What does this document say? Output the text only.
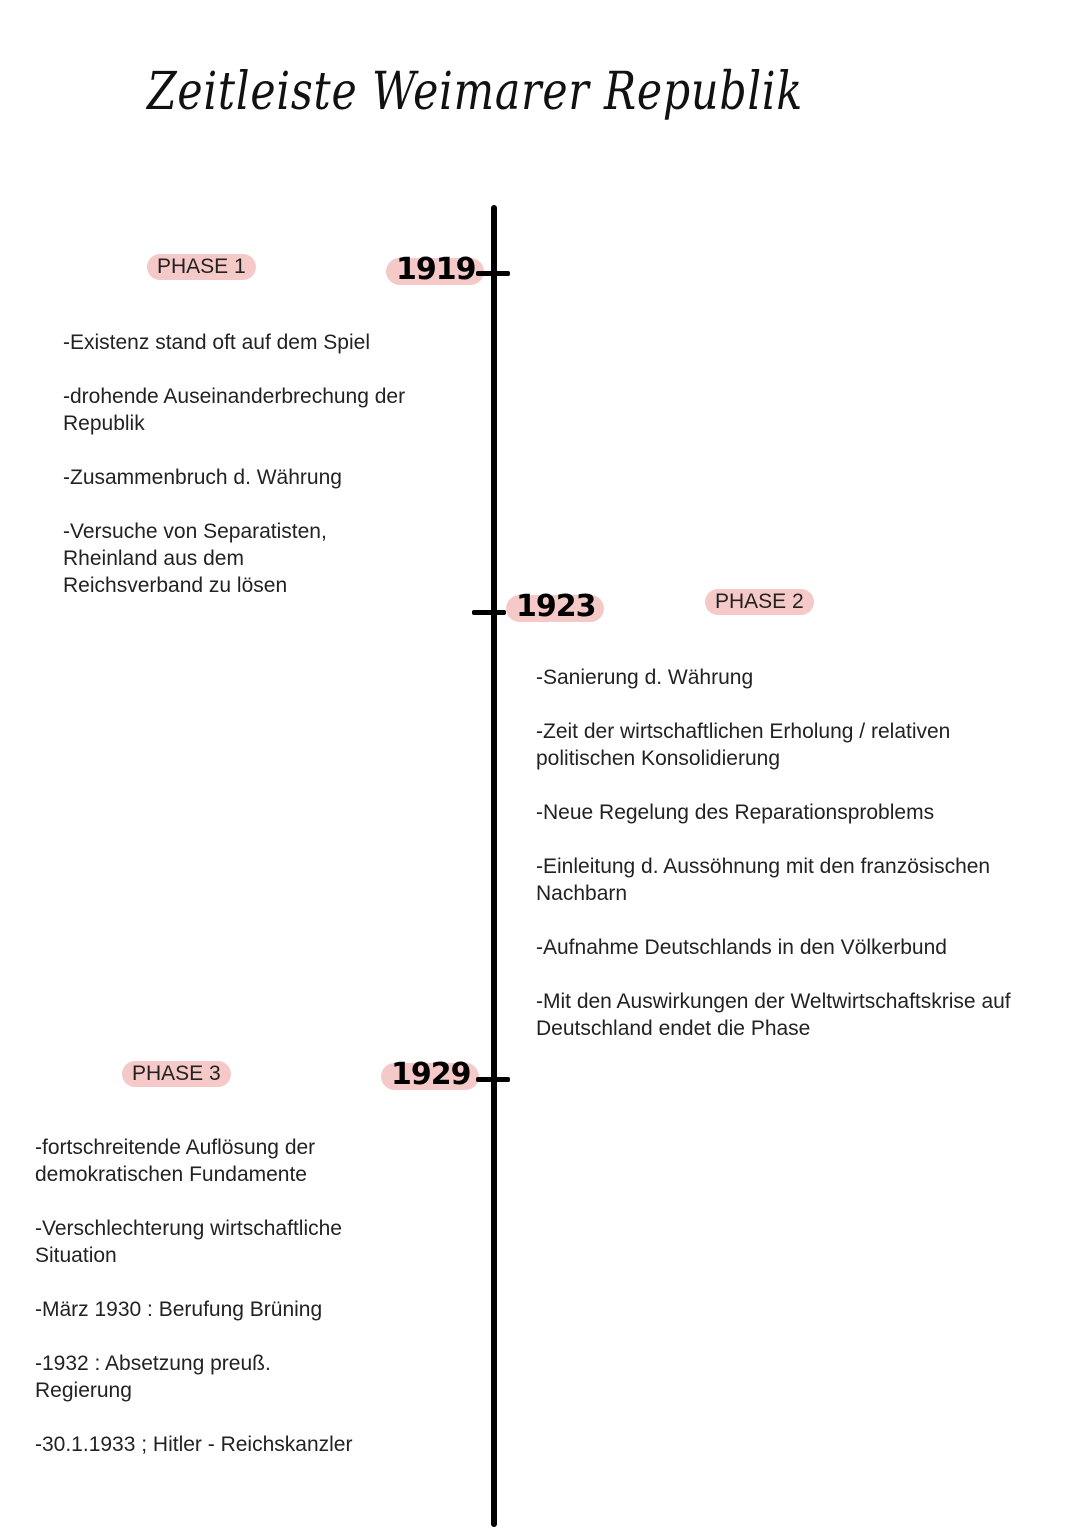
Zeitleiste Weimarer Republik
1919
PHASE 1
-Existenz stand oft auf dem Spiel
-drohende Auseinanderbrechung der Republik
-Zusammenbruch d. Währung
-Versuche von Separatisten, Rheinland aus dem Reichsverband zu lösen
1923	PHASE 2
-Sanierung d. Währung
-Zeit der wirtschaftlichen Erholung / relativen politischen Konsolidierung
-Neue Regelung des Reparationsproblems
-Einleitung d. Aussöhnung mit den französischen Nachbarn
-Aufnahme Deutschlands in den Völkerbund
-Mit den Auswirkungen der Weltwirtschaftskrise auf Deutschland endet die Phase
1929
PHASE 3
-fortschreitende Auflösung der demokratischen Fundamente
-Verschlechterung wirtschaftliche Situation
-März 1930 : Berufung Brüning
-1932 : Absetzung preuß. Regierung
-30.1.1933 ; Hitler - Reichskanzler
